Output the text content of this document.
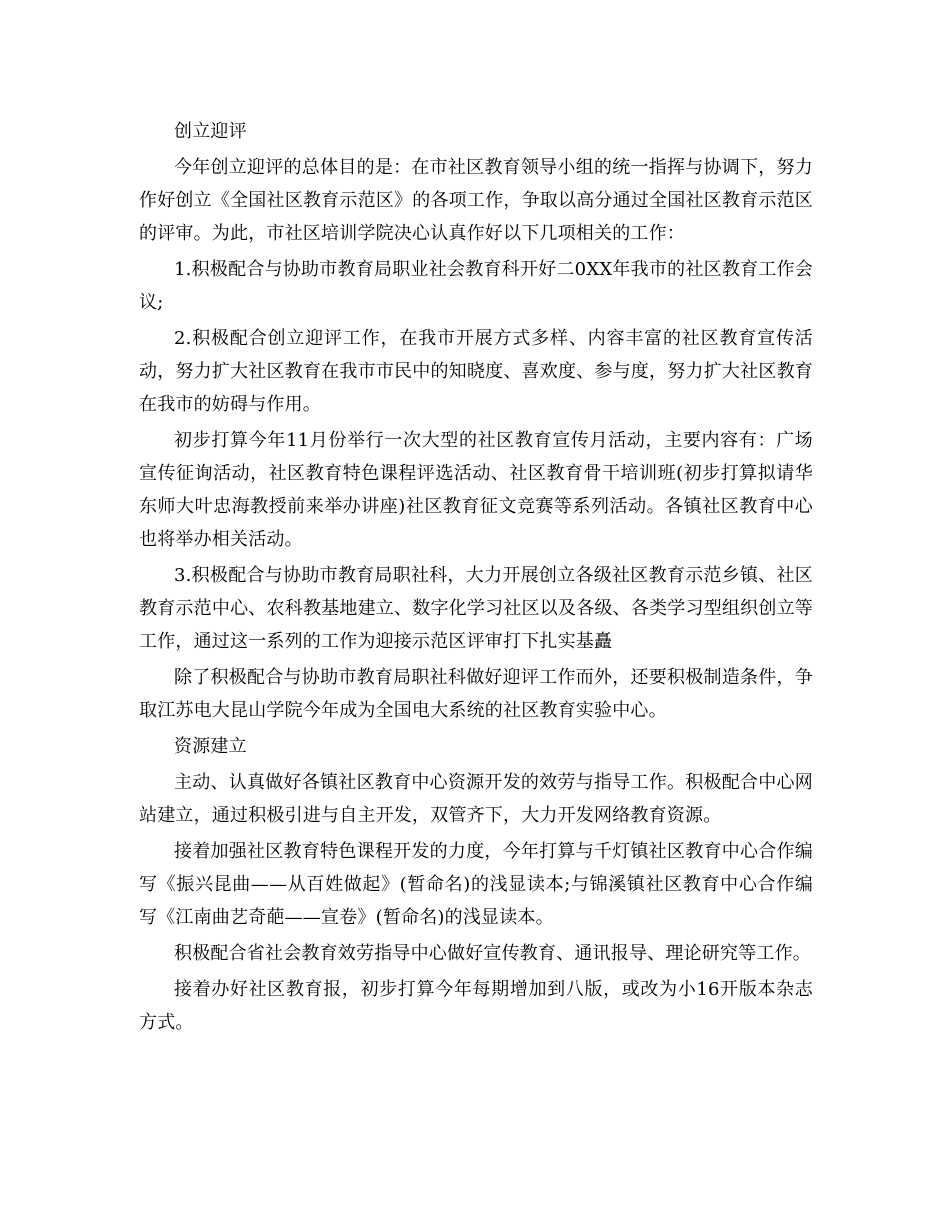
创立迎评

今年创立迎评的总体目的是：在市社区教育领导小组的统一指挥与协调下，努力作好创立《全国社区教育示范区》的各项工作，争取以高分通过全国社区教育示范区的评审。为此，市社区培训学院决心认真作好以下几项相关的工作：

1.积极配合与协助市教育局职业社会教育科开好二0XX年我市的社区教育工作会议;

2.积极配合创立迎评工作，在我市开展方式多样、内容丰富的社区教育宣传活动，努力扩大社区教育在我市市民中的知晓度、喜欢度、参与度，努力扩大社区教育在我市的妨碍与作用。

初步打算今年11月份举行一次大型的社区教育宣传月活动，主要内容有：广场宣传征询活动，社区教育特色课程评选活动、社区教育骨干培训班(初步打算拟请华东师大叶忠海教授前来举办讲座)社区教育征文竞赛等系列活动。各镇社区教育中心也将举办相关活动。

3.积极配合与协助市教育局职社科，大力开展创立各级社区教育示范乡镇、社区教育示范中心、农科教基地建立、数字化学习社区以及各级、各类学习型组织创立等工作，通过这一系列的工作为迎接示范区评审打下扎实基矗

除了积极配合与协助市教育局职社科做好迎评工作而外，还要积极制造条件，争取江苏电大昆山学院今年成为全国电大系统的社区教育实验中心。

资源建立

主动、认真做好各镇社区教育中心资源开发的效劳与指导工作。积极配合中心网站建立，通过积极引进与自主开发，双管齐下，大力开发网络教育资源。

接着加强社区教育特色课程开发的力度，今年打算与千灯镇社区教育中心合作编写《振兴昆曲——从百姓做起》(暂命名)的浅显读本;与锦溪镇社区教育中心合作编写《江南曲艺奇葩——宣卷》(暂命名)的浅显读本。

积极配合省社会教育效劳指导中心做好宣传教育、通讯报导、理论研究等工作。

接着办好社区教育报，初步打算今年每期增加到八版，或改为小16开版本杂志方式。
